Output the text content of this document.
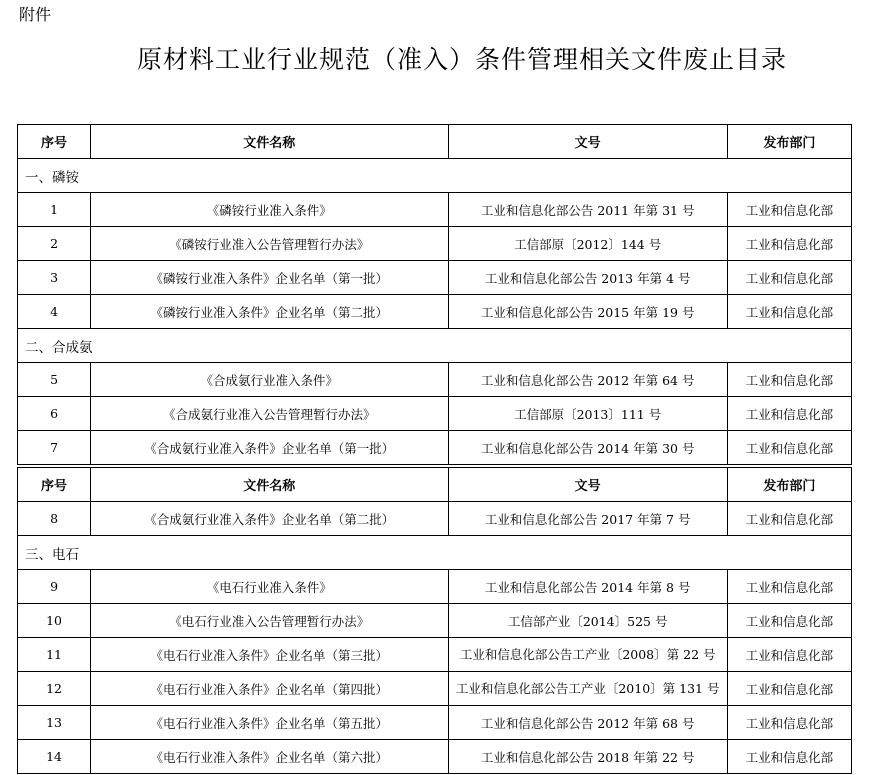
附件
原材料工业行业规范（准入）条件管理相关文件废止目录
序号	文件名称	文号	发布部门
一、磷铵			
1	《磷铵行业准入条件》	工业和信息化部公告 2011 年第 31 号	工业和信息化部
2	《磷铵行业准入公告管理暂行办法》	工信部原〔2012〕144 号	工业和信息化部
3	《磷铵行业准入条件》企业名单（第一批）	工业和信息化部公告 2013 年第 4 号	工业和信息化部
4	《磷铵行业准入条件》企业名单（第二批）	工业和信息化部公告 2015 年第 19 号	工业和信息化部
二、合成氨			
5	《合成氨行业准入条件》	工业和信息化部公告 2012 年第 64 号	工业和信息化部
6	《合成氨行业准入公告管理暂行办法》	工信部原〔2013〕111 号	工业和信息化部
7	《合成氨行业准入条件》企业名单（第一批）	工业和信息化部公告 2014 年第 30 号	工业和信息化部
序号	文件名称	文号	发布部门
8	《合成氨行业准入条件》企业名单（第二批）	工业和信息化部公告 2017 年第 7 号	工业和信息化部
三、电石			
9	《电石行业准入条件》	工业和信息化部公告 2014 年第 8 号	工业和信息化部
10	《电石行业准入公告管理暂行办法》	工信部产业〔2014〕525 号	工业和信息化部
11	《电石行业准入条件》企业名单（第三批）	工业和信息化部公告工产业〔2008〕第 22 号	工业和信息化部
12	《电石行业准入条件》企业名单（第四批）	工业和信息化部公告工产业〔2010〕第 131 号	工业和信息化部
13	《电石行业准入条件》企业名单（第五批）	工业和信息化部公告 2012 年第 68 号	工业和信息化部
14	《电石行业准入条件》企业名单（第六批）	工业和信息化部公告 2018 年第 22 号	工业和信息化部
